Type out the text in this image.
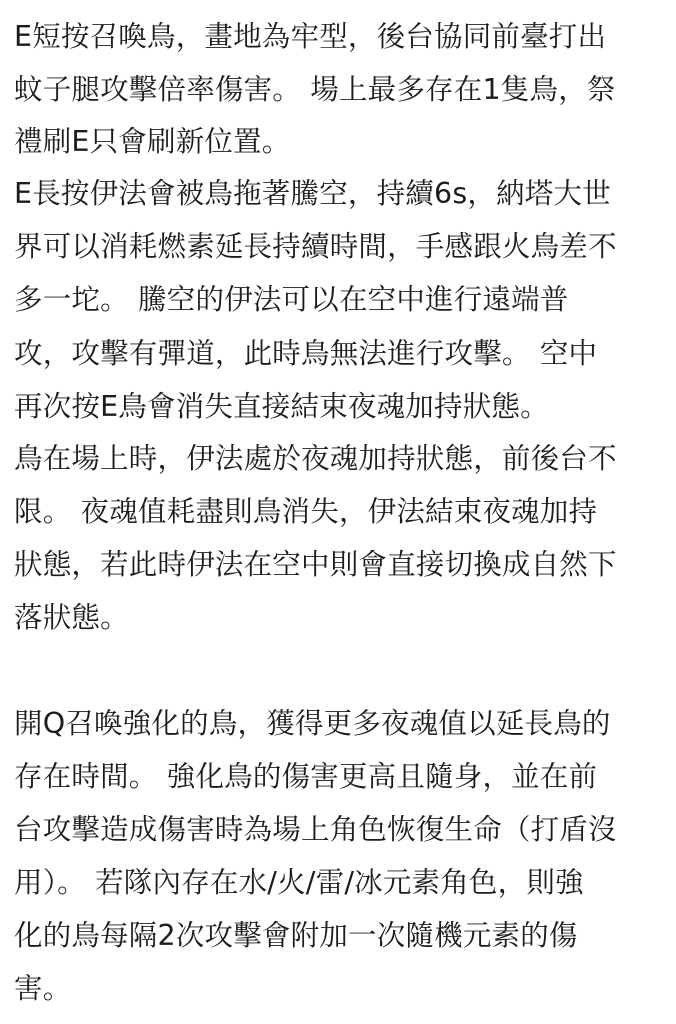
E短按召喚鳥，畫地為牢型，後台協同前臺打出
蚊子腿攻擊倍率傷害。 場上最多存在1隻鳥，祭
禮刷E只會刷新位置。
E長按伊法會被鳥拖著騰空，持續6s，納塔大世
界可以消耗燃素延長持續時間，手感跟火鳥差不
多一坨。 騰空的伊法可以在空中進行遠端普
攻，攻擊有彈道，此時鳥無法進行攻擊。 空中
再次按E鳥會消失直接結束夜魂加持狀態。
鳥在場上時，伊法處於夜魂加持狀態，前後台不
限。 夜魂值耗盡則鳥消失，伊法結束夜魂加持
狀態，若此時伊法在空中則會直接切換成自然下
落狀態。
開Q召喚強化的鳥，獲得更多夜魂值以延長鳥的
存在時間。 強化鳥的傷害更高且隨身，並在前
台攻擊造成傷害時為場上角色恢復生命（打盾沒
用）。 若隊內存在水/火/雷/冰元素角色，則強
化的鳥每隔2次攻擊會附加一次隨機元素的傷
害。
